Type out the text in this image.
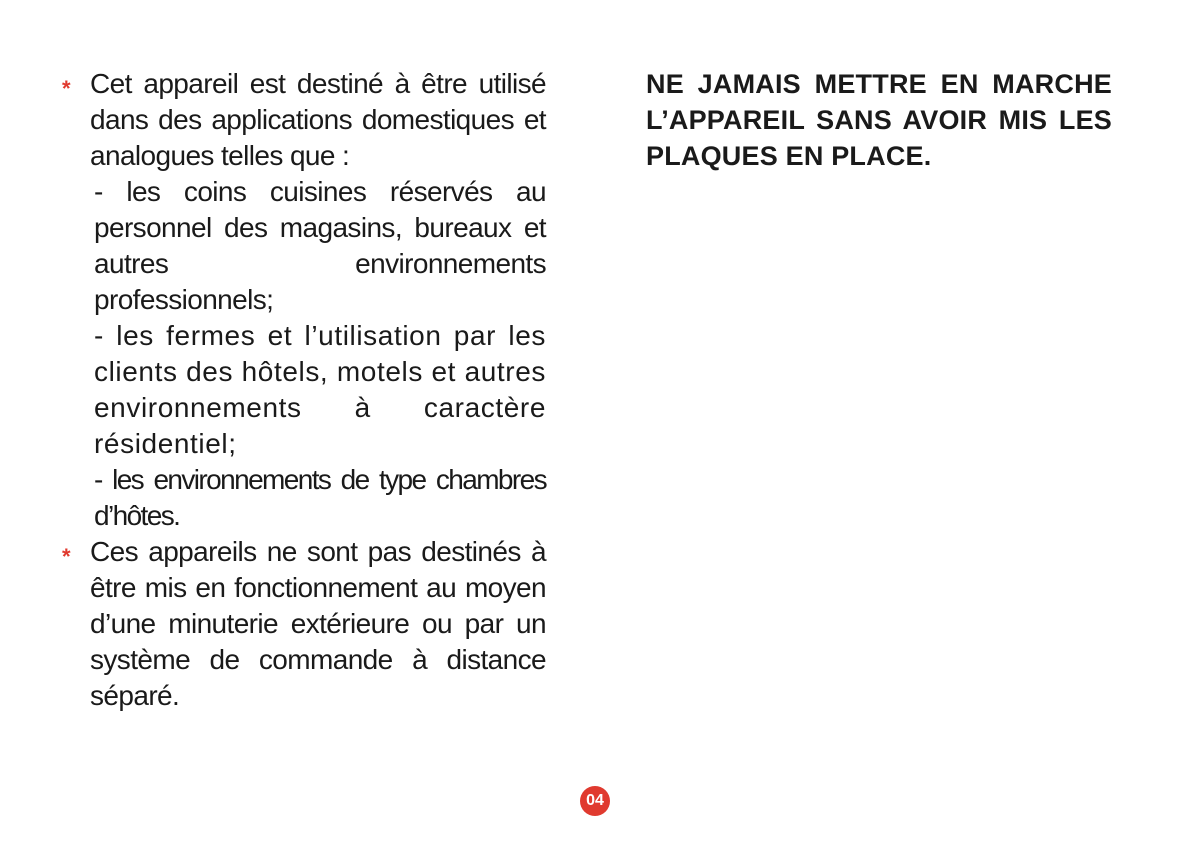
* Cet appareil est destiné à être utilisé dans des applications domestiques et analogues telles que :

- les coins cuisines réservés au personnel des magasins, bureaux et autres environnements professionnels;

- les fermes et l’utilisation par les clients des hôtels, motels et autres environnements à caractère résidentiel;

- les environnements de type chambres d’hôtes.

* Ces appareils ne sont pas destinés à être mis en fonctionnement au moyen d’une minuterie extérieure ou par un système de commande à distance séparé.

NE JAMAIS METTRE EN MARCHE L’APPAREIL SANS AVOIR MIS LES PLAQUES EN PLACE.

04
